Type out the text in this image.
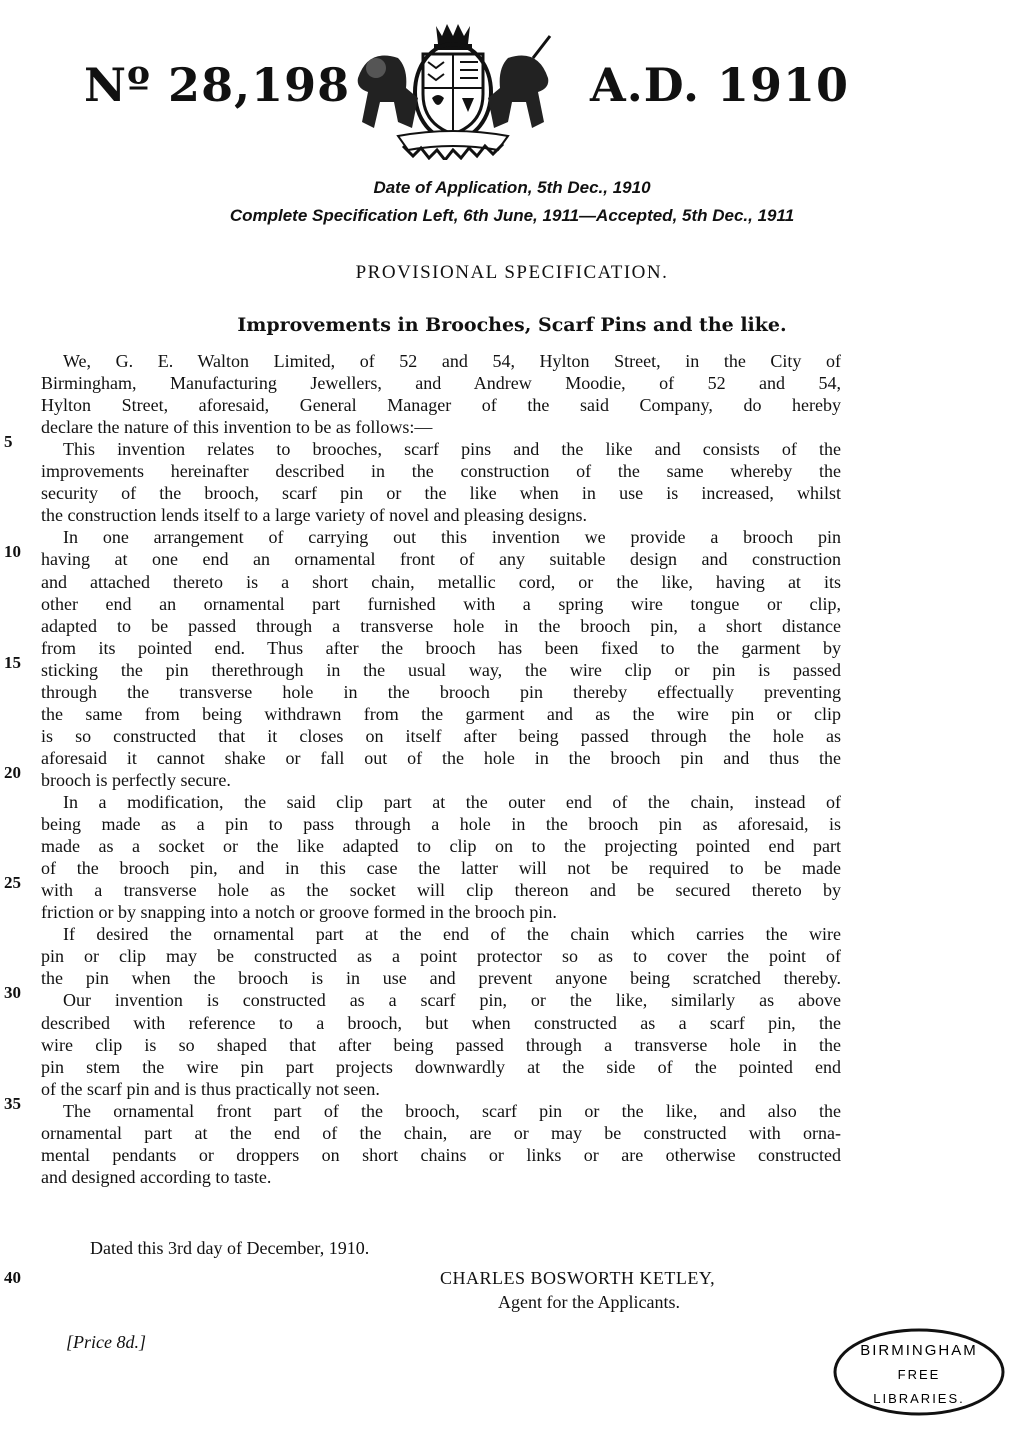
Nº 28,198	A.D. 1910
Date of Application, 5th Dec., 1910
Complete Specification Left, 6th June, 1911—Accepted, 5th Dec., 1911
PROVISIONAL SPECIFICATION.
Improvements in Brooches, Scarf Pins and the like.
We, G. E. Walton Limited, of 52 and 54, Hylton Street, in the City of
Birmingham, Manufacturing Jewellers, and Andrew Moodie, of 52 and 54,
Hylton Street, aforesaid, General Manager of the said Company, do hereby
declare the nature of this invention to be as follows:—
This invention relates to brooches, scarf pins and the like and consists of the
5
improvements hereinafter described in the construction of the same whereby the
security of the brooch, scarf pin or the like when in use is increased, whilst
the construction lends itself to a large variety of novel and pleasing designs.
In one arrangement of carrying out this invention we provide a brooch pin
having at one end an ornamental front of any suitable design and construction
10
and attached thereto is a short chain, metallic cord, or the like, having at its
other end an ornamental part furnished with a spring wire tongue or clip,
adapted to be passed through a transverse hole in the brooch pin, a short distance
from its pointed end. Thus after the brooch has been fixed to the garment by
sticking the pin therethrough in the usual way, the wire clip or pin is passed
15
through the transverse hole in the brooch pin thereby effectually preventing
the same from being withdrawn from the garment and as the wire pin or clip
is so constructed that it closes on itself after being passed through the hole as
aforesaid it cannot shake or fall out of the hole in the brooch pin and thus the
brooch is perfectly secure.
20
In a modification, the said clip part at the outer end of the chain, instead of
being made as a pin to pass through a hole in the brooch pin as aforesaid, is
made as a socket or the like adapted to clip on to the projecting pointed end part
of the brooch pin, and in this case the latter will not be required to be made
with a transverse hole as the socket will clip thereon and be secured thereto by
25
friction or by snapping into a notch or groove formed in the brooch pin.
If desired the ornamental part at the end of the chain which carries the wire
pin or clip may be constructed as a point protector so as to cover the point of
the pin when the brooch is in use and prevent anyone being scratched thereby.
Our invention is constructed as a scarf pin, or the like, similarly as above
30
described with reference to a brooch, but when constructed as a scarf pin, the
wire clip is so shaped that after being passed through a transverse hole in the
pin stem the wire pin part projects downwardly at the side of the pointed end
of the scarf pin and is thus practically not seen.
The ornamental front part of the brooch, scarf pin or the like, and also the
35
ornamental part at the end of the chain, are or may be constructed with orna-
mental pendants or droppers on short chains or links or are otherwise constructed
and designed according to taste.
Dated this 3rd day of December, 1910.
40	CHARLES BOSWORTH KETLEY,
Agent for the Applicants.
[Price 8d.]	BIRMINGHAM
FREE
LIBRARIES.
